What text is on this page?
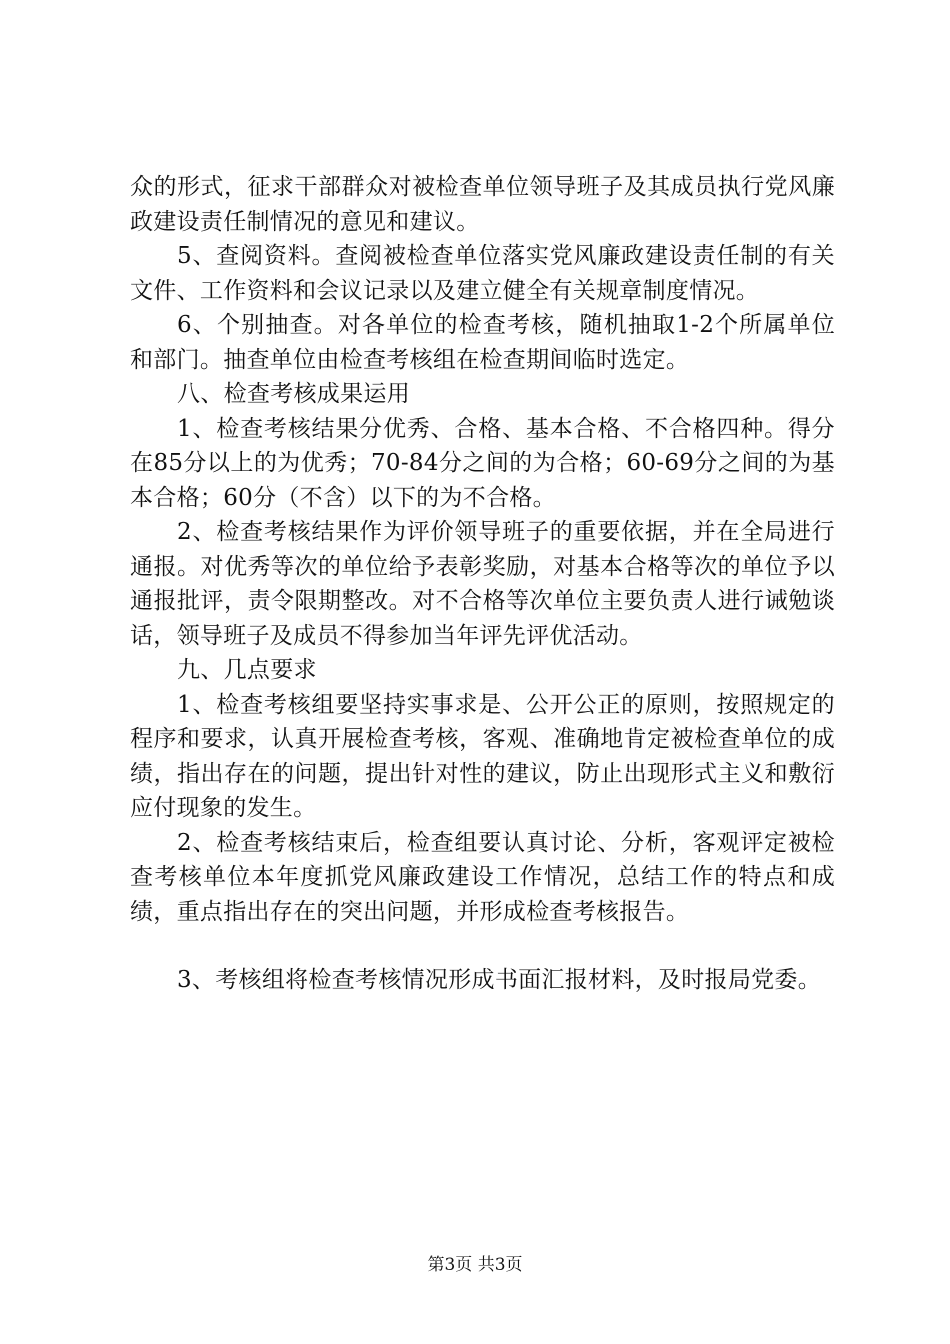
众的形式，征求干部群众对被检查单位领导班子及其成员执行党风廉政建设责任制情况的意见和建议。

5、查阅资料。查阅被检查单位落实党风廉政建设责任制的有关文件、工作资料和会议记录以及建立健全有关规章制度情况。

6、个别抽查。对各单位的检查考核，随机抽取1-2个所属单位和部门。抽查单位由检查考核组在检查期间临时选定。

八、检查考核成果运用

1、检查考核结果分优秀、合格、基本合格、不合格四种。得分在85分以上的为优秀；70-84分之间的为合格；60-69分之间的为基本合格；60分（不含）以下的为不合格。

2、检查考核结果作为评价领导班子的重要依据，并在全局进行通报。对优秀等次的单位给予表彰奖励，对基本合格等次的单位予以通报批评，责令限期整改。对不合格等次单位主要负责人进行诫勉谈话，领导班子及成员不得参加当年评先评优活动。

九、几点要求

1、检查考核组要坚持实事求是、公开公正的原则，按照规定的程序和要求，认真开展检查考核，客观、准确地肯定被检查单位的成绩，指出存在的问题，提出针对性的建议，防止出现形式主义和敷衍应付现象的发生。

2、检查考核结束后，检查组要认真讨论、分析，客观评定被检查考核单位本年度抓党风廉政建设工作情况，总结工作的特点和成绩，重点指出存在的突出问题，并形成检查考核报告。

3、考核组将检查考核情况形成书面汇报材料，及时报局党委。

第3页 共3页
